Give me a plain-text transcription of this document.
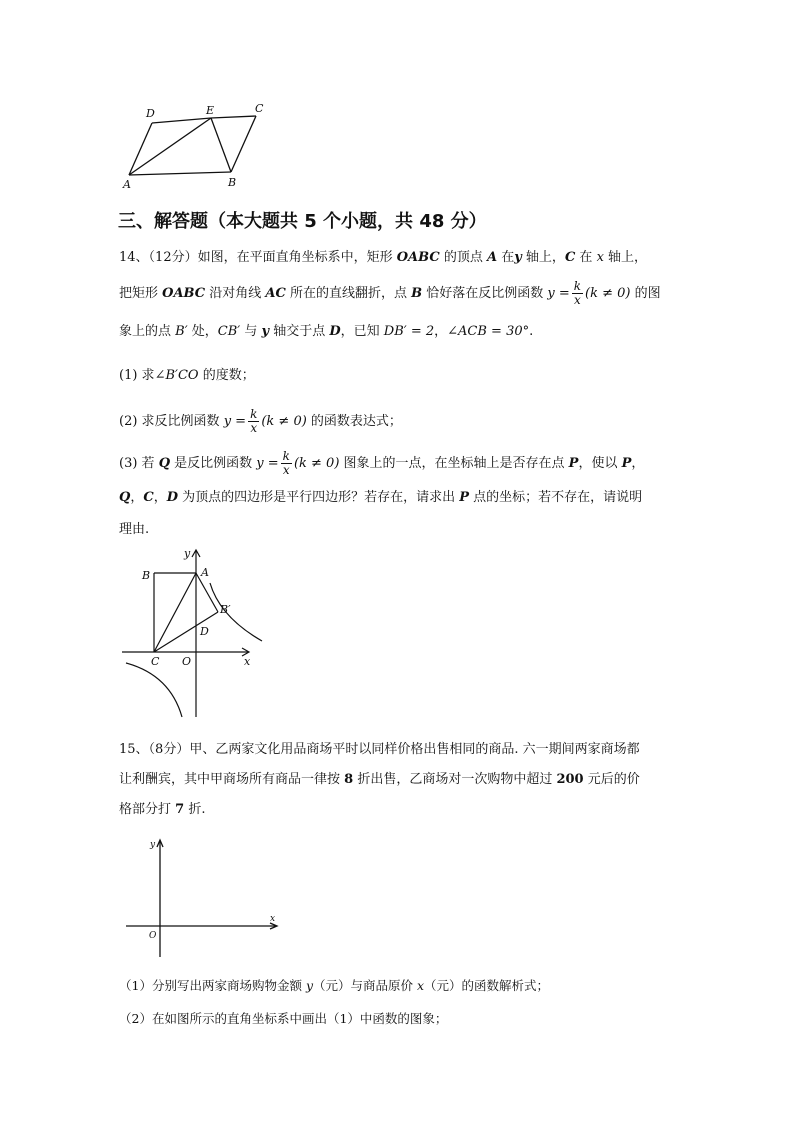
D	E	C
A	B
三、解答题（本大题共 5 个小题，共 48 分）
14、（12分）如图，在平面直角坐标系中，矩形 OABC 的顶点 A 在y 轴上，C 在 x 轴上，
把矩形 OABC 沿对角线 AC 所在的直线翻折，点 B 恰好落在反比例函数 $y = \frac{k}{x} (k \ne 0)$ 的图
象上的点 B′ 处，CB′ 与 y 轴交于点 D，已知 DB′ = 2，∠ACB = 30°.
(1) 求∠B′CO 的度数；
(2) 求反比例函数 $y = \frac{k}{x} (k \ne 0)$ 的函数表达式；
(3) 若 Q 是反比例函数 $y = \frac{k}{x} (k \ne 0)$ 图象上的一点，在坐标轴上是否存在点 P，使以 P，
Q，C，D 为顶点的四边形是平行四边形？若存在，请求出 P 点的坐标；若不存在，请说明
理由.
y
B	A
B′
D
C O	x
15、（8分）甲、乙两家文化用品商场平时以同样价格出售相同的商品. 六一期间两家商场都
让利酬宾，其中甲商场所有商品一律按 8 折出售，乙商场对一次购物中超过 200 元后的价
格部分打 7 折.
y
x
O
（1）分别写出两家商场购物金额 y（元）与商品原价 x（元）的函数解析式；
（2）在如图所示的直角坐标系中画出（1）中函数的图象；
